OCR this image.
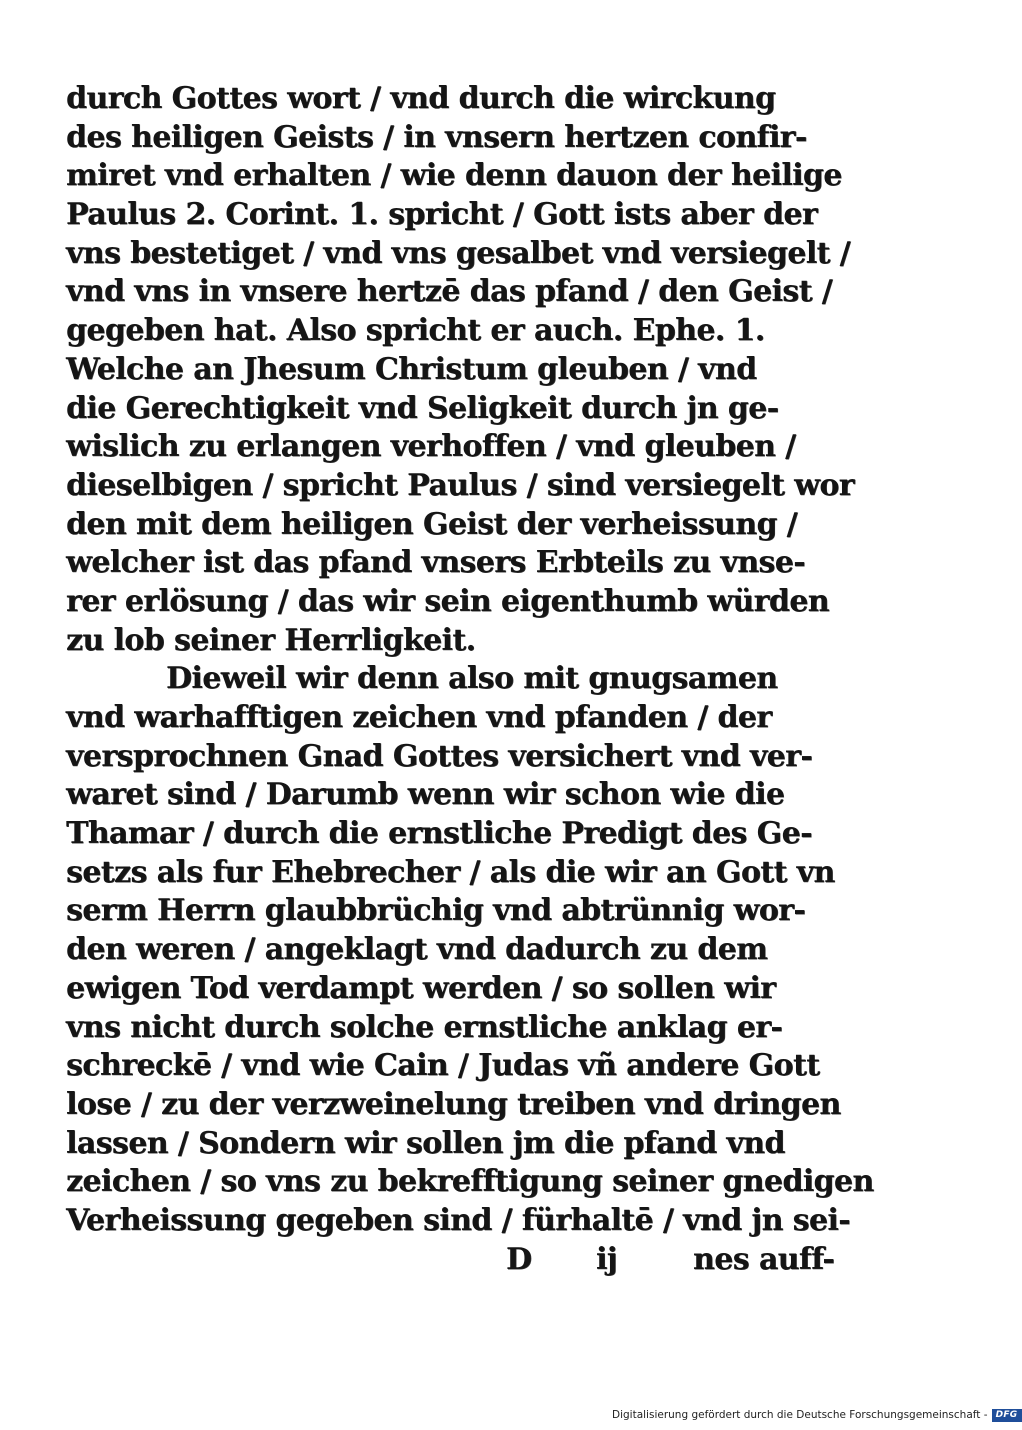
durch Gottes wort / vnd durch die wirckung
des heiligen Geists / in vnsern hertzen confir-
miret vnd erhalten / wie denn dauon der heilige
Paulus 2. Corint. 1. spricht / Gott ists aber der
vns bestetiget / vnd vns gesalbet vnd versiegelt /
vnd vns in vnsere hertzē das pfand / den Geist /
gegeben hat. Also spricht er auch. Ephe. 1.
Welche an Jhesum Christum gleuben / vnd
die Gerechtigkeit vnd Seligkeit durch jn ge-
wislich zu erlangen verhoffen / vnd gleuben /
dieselbigen / spricht Paulus / sind versiegelt wor
den mit dem heiligen Geist der verheissung /
welcher ist das pfand vnsers Erbteils zu vnse-
rer erlösung / das wir sein eigenthumb würden
zu lob seiner Herrligkeit.
Dieweil wir denn also mit gnugsamen
vnd warhafftigen zeichen vnd pfanden / der
versprochnen Gnad Gottes versichert vnd ver-
waret sind / Darumb wenn wir schon wie die
Thamar / durch die ernstliche Predigt des Ge-
setzs als fur Ehebrecher / als die wir an Gott vn
serm Herrn glaubbrüchig vnd abtrünnig wor-
den weren / angeklagt vnd dadurch zu dem
ewigen Tod verdampt werden / so sollen wir
vns nicht durch solche ernstliche anklag er-
schreckē / vnd wie Cain / Judas vñ andere Gott
lose / zu der verzweinelung treiben vnd dringen
lassen / Sondern wir sollen jm die pfand vnd
zeichen / so vns zu bekrefftigung seiner gnedigen
Verheissung gegeben sind / fürhaltē / vnd jn sei-
D ij	nes auff-
Digitalisierung gefördert durch die Deutsche Forschungsgemeinschaft - DFG
